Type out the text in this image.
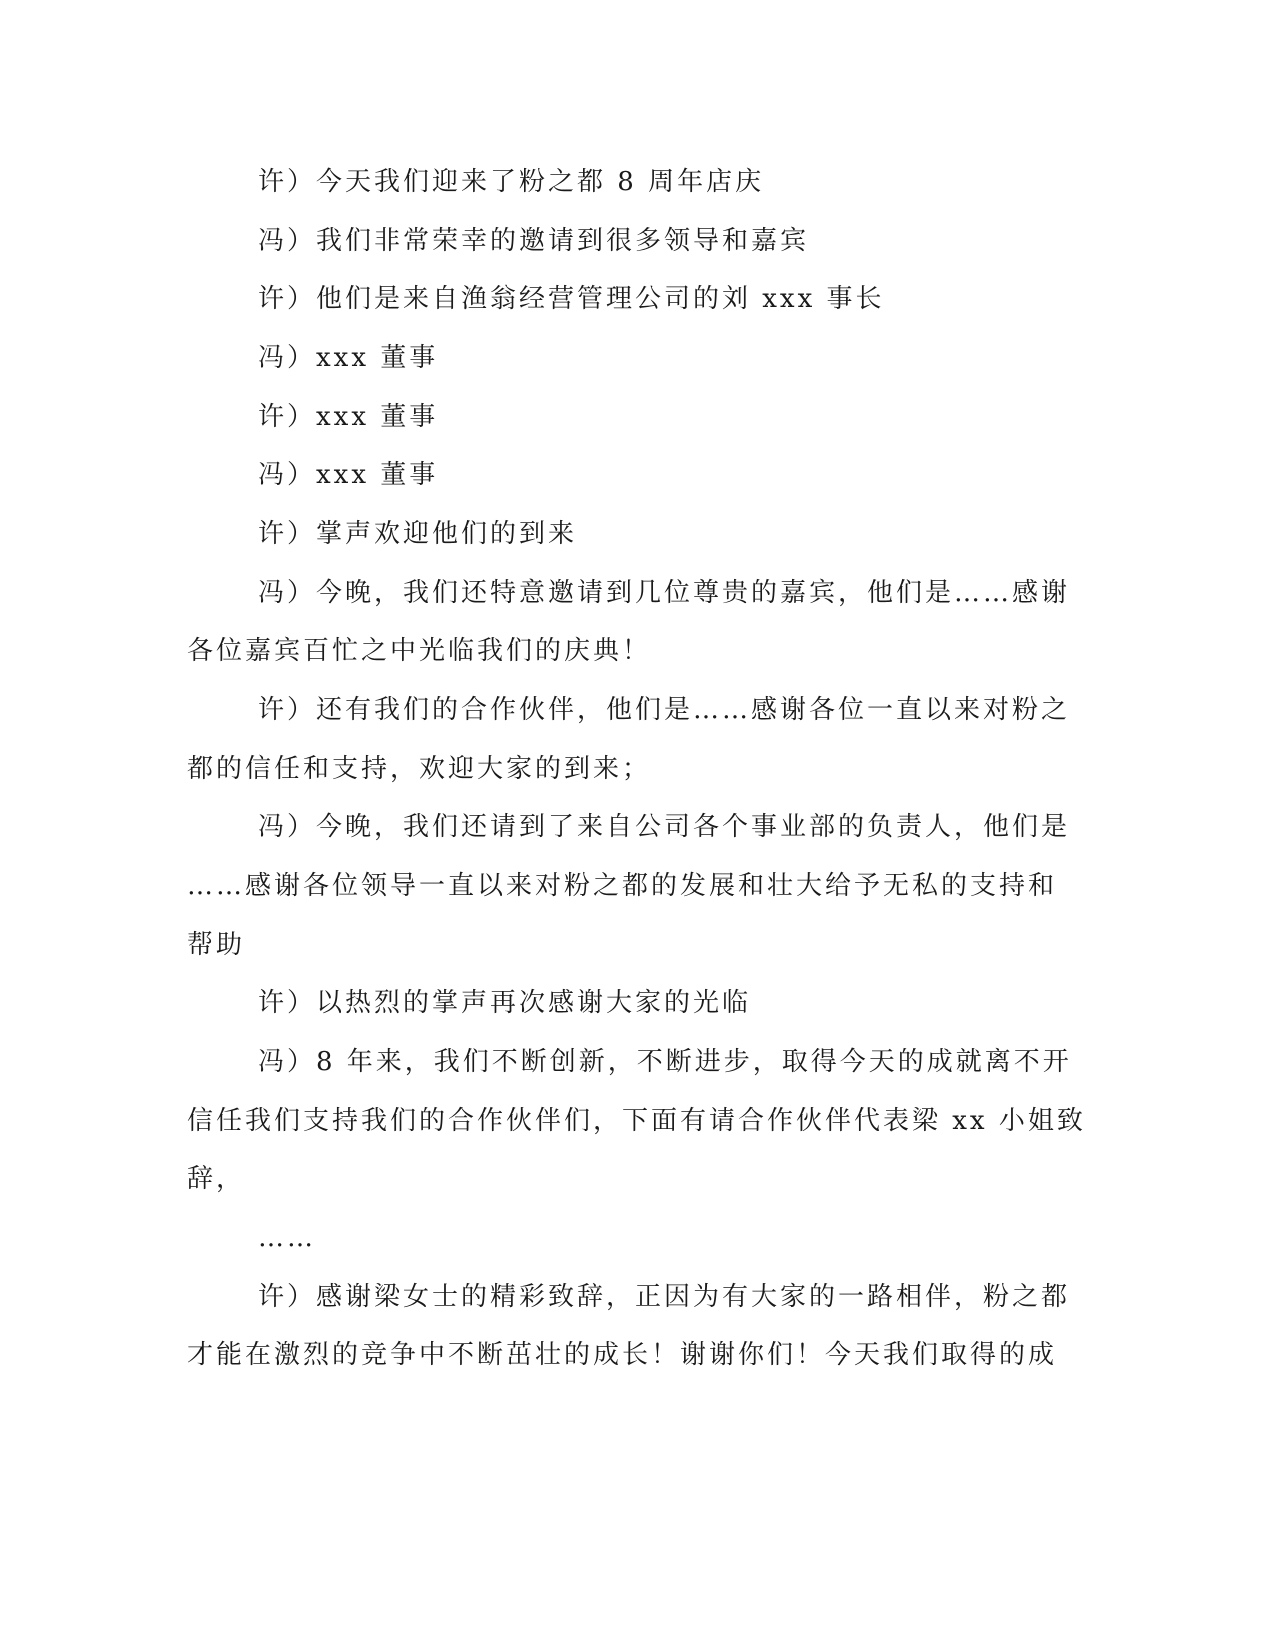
许）今天我们迎来了粉之都 8 周年店庆

冯）我们非常荣幸的邀请到很多领导和嘉宾

许）他们是来自渔翁经营管理公司的刘 xxx 事长

冯）xxx 董事

许）xxx 董事

冯）xxx 董事

许）掌声欢迎他们的到来

冯）今晚，我们还特意邀请到几位尊贵的嘉宾，他们是……感谢

各位嘉宾百忙之中光临我们的庆典！

许）还有我们的合作伙伴，他们是……感谢各位一直以来对粉之

都的信任和支持，欢迎大家的到来；

冯）今晚，我们还请到了来自公司各个事业部的负责人，他们是

……感谢各位领导一直以来对粉之都的发展和壮大给予无私的支持和

帮助

许）以热烈的掌声再次感谢大家的光临

冯）8 年来，我们不断创新，不断进步，取得今天的成就离不开

信任我们支持我们的合作伙伴们，下面有请合作伙伴代表梁 xx 小姐致

辞，

……

许）感谢梁女士的精彩致辞，正因为有大家的一路相伴，粉之都

才能在激烈的竞争中不断茁壮的成长！谢谢你们！今天我们取得的成
